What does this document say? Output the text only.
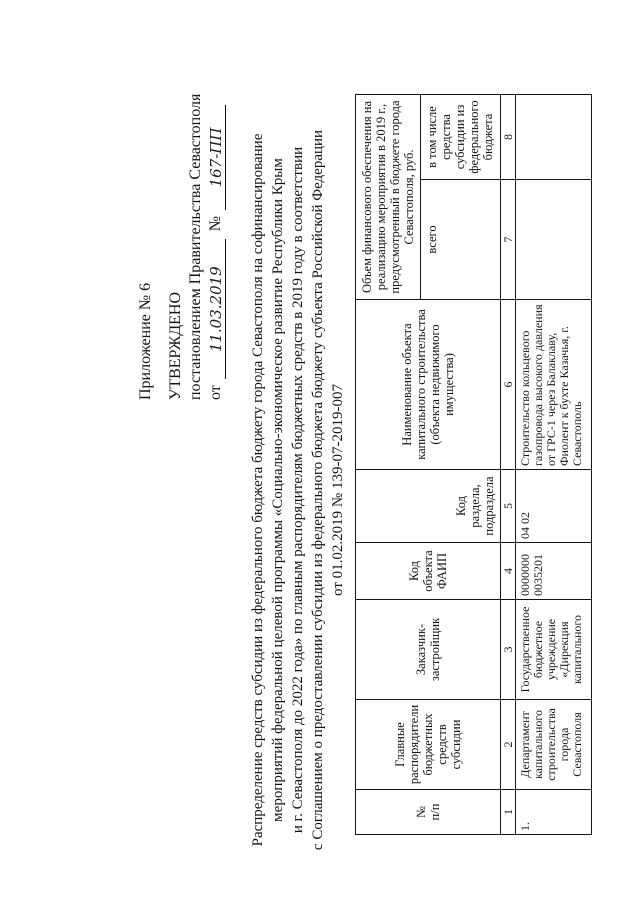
Приложение № 6 УТВЕРЖДЕНО постановлением Правительства Севастополя от
11.03.2019
№
167-ПП Распределение средств субсидии из федерального бюджета бюджету города Севастополя на софинансирование мероприятий федеральной целевой программы «Социально-экономическое развитие Республики Крым и г. Севастополя до 2022 года» по главным распорядителям бюджетных средств в 2019 году в соответствии с Соглашением о предоставлении субсидии из федерального бюджета бюджету субъекта Российской Федерации от 01.02.2019 № 139-07-2019-007
№ п/п
Главные распорядители бюджетных средств субсидии
Заказчик-застройщик
Код объекта ФАИП
Код раздела, подраздела
Наименование объекта капитального строительства (объекта недвижимого имущества)
Объем финансового обеспечения на реализацию мероприятия в 2019 г., предусмотренный в бюджете города Севастополя, руб. всего
в том числе средства субсидии из федерального бюджета
1
2
3
4
5
6
7
8
1.
Департамент капитального строительства города Севастополя
Государственное бюджетное учреждение «Дирекция капитального
0000000 0035201
04 02
Строительство кольцевого газопровода высокого давления от ГРС-1 через Балаклаву, Фиолент к бухте Казачья, г. Севастополь
